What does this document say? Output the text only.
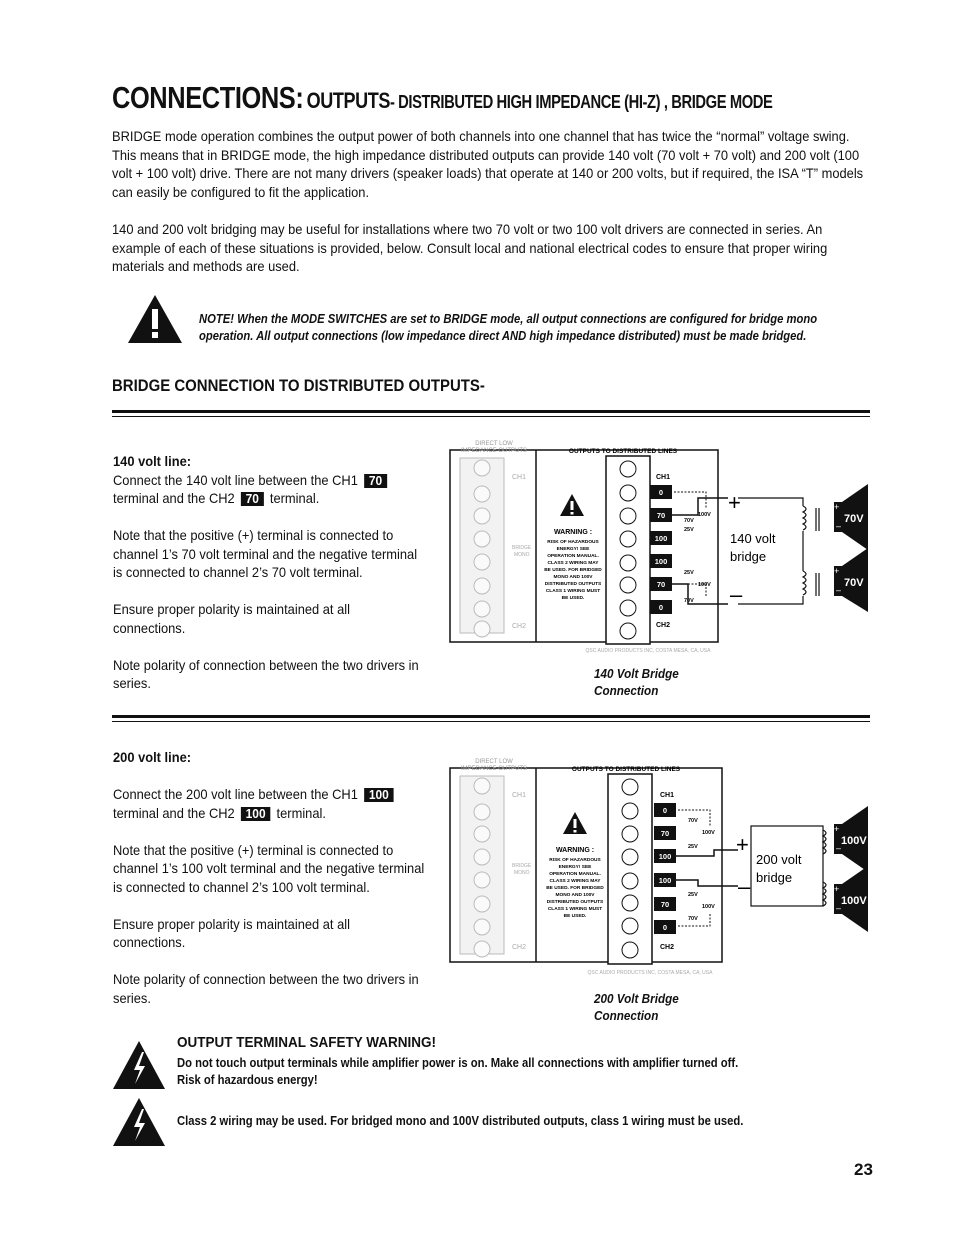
CONNECTIONS: OUTPUTS- DISTRIBUTED HIGH IMPEDANCE (HI-Z) , BRIDGE MODE
BRIDGE mode operation combines the output power of both channels into one channel that has twice the “normal” voltage swing. This means that in BRIDGE mode, the high impedance distributed outputs can provide 140 volt (70 volt + 70 volt) and 200 volt (100 volt + 100 volt) drive. There are not many drivers (speaker loads) that operate at 140 or 200 volts, but if required, the ISA “T” models can easily be configured to fit the application.
140 and 200 volt bridging may be useful for installations where two 70 volt or two 100 volt drivers are connected in series. An example of each of these situations is provided, below. Consult local and national electrical codes to ensure that proper wiring materials and methods are used.
NOTE! When the MODE SWITCHES are set to BRIDGE mode, all output connections are configured for bridge mono operation. All output connections (low impedance direct AND high impedance distributed) must be made bridged.
BRIDGE CONNECTION TO DISTRIBUTED OUTPUTS-

140 volt line:

Connect the 140 volt line between the CH1 70
terminal and the CH2 70 terminal.

Note that the positive (+) terminal is connected to channel 1’s 70 volt terminal and the negative terminal is connected to channel 2’s 70 volt terminal.

Ensure proper polarity is maintained at all connections.

Note polarity of connection between the two drivers in series.

DIRECT LOW
IMPEDANCE OUTPUTS
CH1
CH2
BRIDGE
MONO
OUTPUTS TO DISTRIBUTED LINES
WARNING :
RISK OF HAZARDOUS
ENERGY! SEE
OPERATION MANUAL.
CLASS 2 WIRING MAY
BE USED. FOR BRIDGED
MONO AND 100V
DISTRIBUTED OUTPUTS
CLASS 1 WIRING MUST
BE USED.
CH1
CH2
0
70
100
100
70
0
70V
25V
100V
25V
70V
100V
+
–
140 volt
bridge
+
–
70V
+
–
70V
QSC AUDIO PRODUCTS INC, COSTA MESA, CA, USA
140 Volt Bridge
Connection

200 volt line:

Connect the 200 volt line between the CH1 100
terminal and the CH2 100 terminal.

Note that the positive (+) terminal is connected to channel 1’s 100 volt terminal and the negative terminal is connected to channel 2’s 100 volt terminal.

Ensure proper polarity is maintained at all connections.

Note polarity of connection between the two drivers in series.

DIRECT LOW
IMPEDANCE OUTPUTS
CH1
CH2
BRIDGE
MONO
OUTPUTS TO DISTRIBUTED LINES
WARNING :
RISK OF HAZARDOUS
ENERGY! SEE
OPERATION MANUAL.
CLASS 2 WIRING MAY
BE USED. FOR BRIDGED
MONO AND 100V
DISTRIBUTED OUTPUTS
CLASS 1 WIRING MUST
BE USED.
CH1
CH2
0
70
100
100
70
0
70V
100V
25V
25V
100V
70V
+
–
200 volt
bridge
+
–
100V
+
–
100V
QSC AUDIO PRODUCTS INC, COSTA MESA, CA, USA
200 Volt Bridge
Connection
OUTPUT TERMINAL SAFETY WARNING!
Do not touch output terminals while amplifier power is on. Make all connections with amplifier turned off.
Risk of hazardous energy!
Class 2 wiring may be used. For bridged mono and 100V distributed outputs, class 1 wiring must be used.
23
